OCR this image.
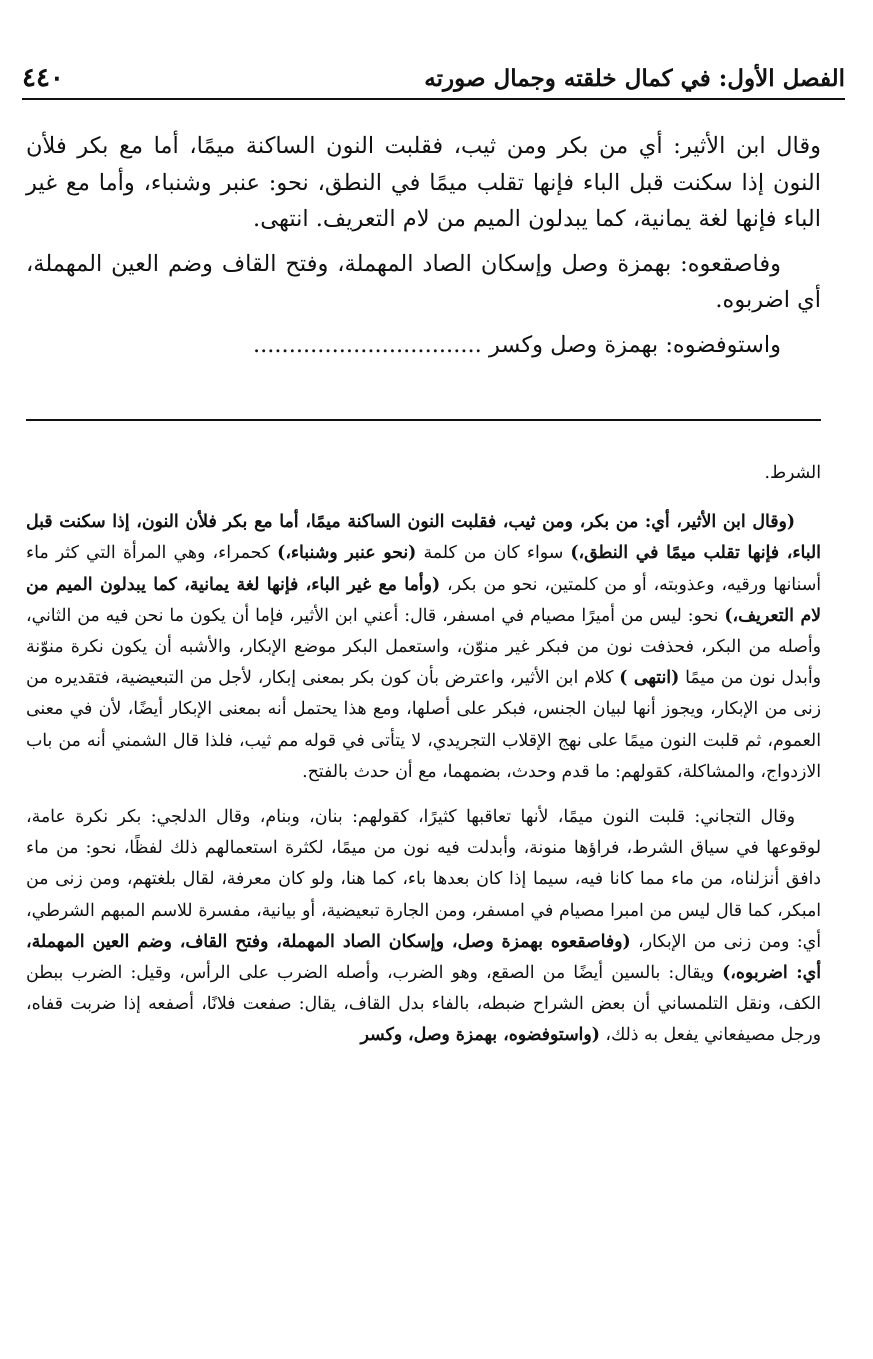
الفصل الأول: في كمال خلقته وجمال صورته
٤٤٠

وقال ابن الأثير: أي من بكر ومن ثيب، فقلبت النون الساكنة ميمًا، أما مع بكر فلأن النون إذا سكنت قبل الباء فإنها تقلب ميمًا في النطق، نحو: عنبر وشنباء، وأما مع غير الباء فإنها لغة يمانية، كما يبدلون الميم من لام التعريف. انتهى.

وفاصقعوه: بهمزة وصل وإسكان الصاد المهملة، وفتح القاف وضم العين المهملة، أي اضربوه.

واستوفضوه: بهمزة وصل وكسر ................................

الشرط.

(وقال ابن الأثير، أي: من بكر، ومن ثيب، فقلبت النون الساكنة ميمًا، أما مع بكر فلأن النون، إذا سكنت قبل الباء، فإنها تقلب ميمًا في النطق،) سواء كان من كلمة (نحو عنبر وشنباء،) كحمراء، وهي المرأة التي كثر ماء أسنانها ورقيه، وعذوبته، أو من كلمتين، نحو من بكر، (وأما مع غير الباء، فإنها لغة يمانية، كما يبدلون الميم من لام التعريف،) نحو: ليس من أميرًا مصيام في امسفر، قال: أعني ابن الأثير، فإما أن يكون ما نحن فيه من الثاني، وأصله من البكر، فحذفت نون من فبكر غير منوّن، واستعمل البكر موضع الإبكار، والأشبه أن يكون نكرة منوّنة وأبدل نون من ميمًا (انتهى ) كلام ابن الأثير، واعترض بأن كون بكر بمعنى إبكار، لأجل من التبعيضية، فتقديره من زنى من الإبكار، ويجوز أنها لبيان الجنس، فبكر على أصلها، ومع هذا يحتمل أنه بمعنى الإبكار أيضًا، لأن في معنى العموم، ثم قلبت النون ميمًا على نهج الإقلاب التجريدي، لا يتأتى في قوله مم ثيب، فلذا قال الشمني أنه من باب الازدواج، والمشاكلة، كقولهم: ما قدم وحدث، بضمهما، مع أن حدث بالفتح.

وقال التجاني: قلبت النون ميمًا، لأنها تعاقبها كثيرًا، كقولهم: بنان، وبنام، وقال الدلجي: بكر نكرة عامة، لوقوعها في سياق الشرط، فراؤها منونة، وأبدلت فيه نون من ميمًا، لكثرة استعمالهم ذلك لفظًا، نحو: من ماء دافق أنزلناه، من ماء مما كانا فيه، سيما إذا كان بعدها باء، كما هنا، ولو كان معرفة، لقال بلغتهم، ومن زنى من امبكر، كما قال ليس من امبرا مصيام في امسفر، ومن الجارة تبعيضية، أو بيانية، مفسرة للاسم المبهم الشرطي، أي: ومن زنى من الإبكار، (وفاصقعوه بهمزة وصل، وإسكان الصاد المهملة، وفتح القاف، وضم العين المهملة، أي: اضربوه،) ويقال: بالسين أيضًا من الصقع، وهو الضرب، وأصله الضرب على الرأس، وقيل: الضرب ببطن الكف، ونقل التلمساني أن بعض الشراح ضبطه، بالفاء بدل القاف، يقال: صفعت فلانًا، أصفعه إذا ضربت قفاه، ورجل مصيفعاني يفعل به ذلك، (واستوفضوه، بهمزة وصل، وكسر
